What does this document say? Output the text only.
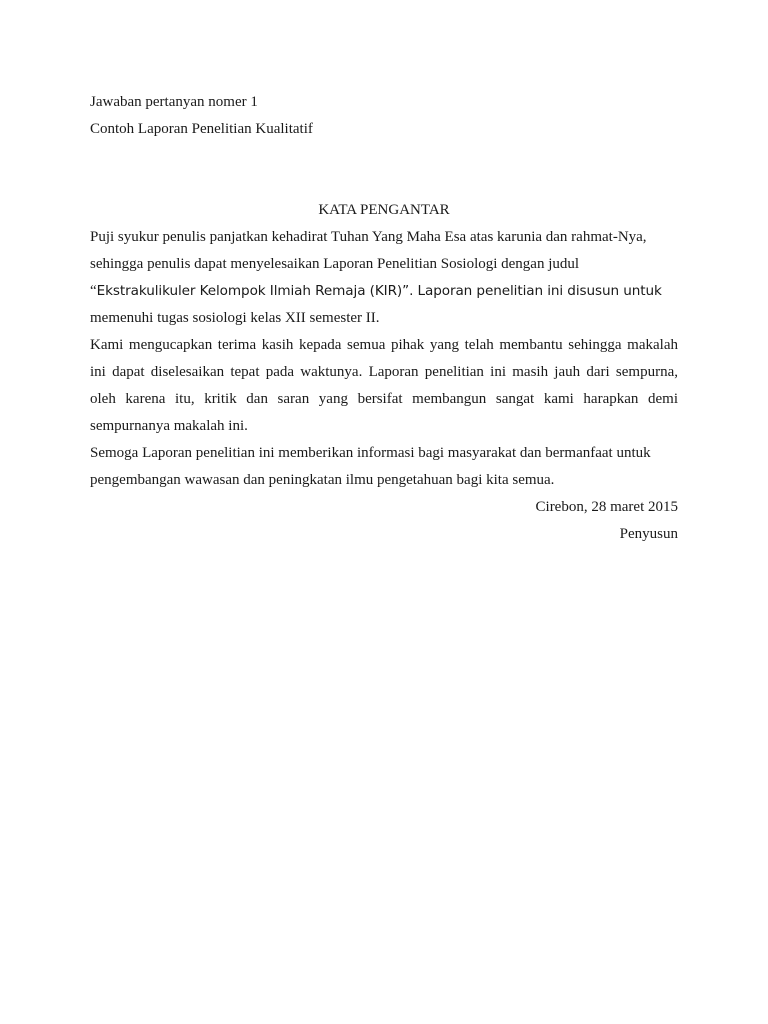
Jawaban pertanyan nomer 1
Contoh Laporan Penelitian Kualitatif
KATA PENGANTAR
Puji syukur penulis panjatkan kehadirat Tuhan Yang Maha Esa atas karunia dan rahmat-Nya,
sehingga penulis dapat menyelesaikan Laporan Penelitian Sosiologi dengan judul
“Ekstrakulikuler Kelompok Ilmiah Remaja (KIR)”. Laporan penelitian ini disusun untuk
memenuhi tugas sosiologi kelas XII semester II.
Kami mengucapkan terima kasih kepada semua pihak yang telah membantu sehingga makalah
ini dapat diselesaikan tepat pada waktunya. Laporan penelitian ini masih jauh dari sempurna,
oleh karena itu, kritik dan saran yang bersifat membangun sangat kami harapkan demi
sempurnanya makalah ini.
Semoga Laporan penelitian ini memberikan informasi bagi masyarakat dan bermanfaat untuk
pengembangan wawasan dan peningkatan ilmu pengetahuan bagi kita semua.
Cirebon, 28 maret 2015
Penyusun
